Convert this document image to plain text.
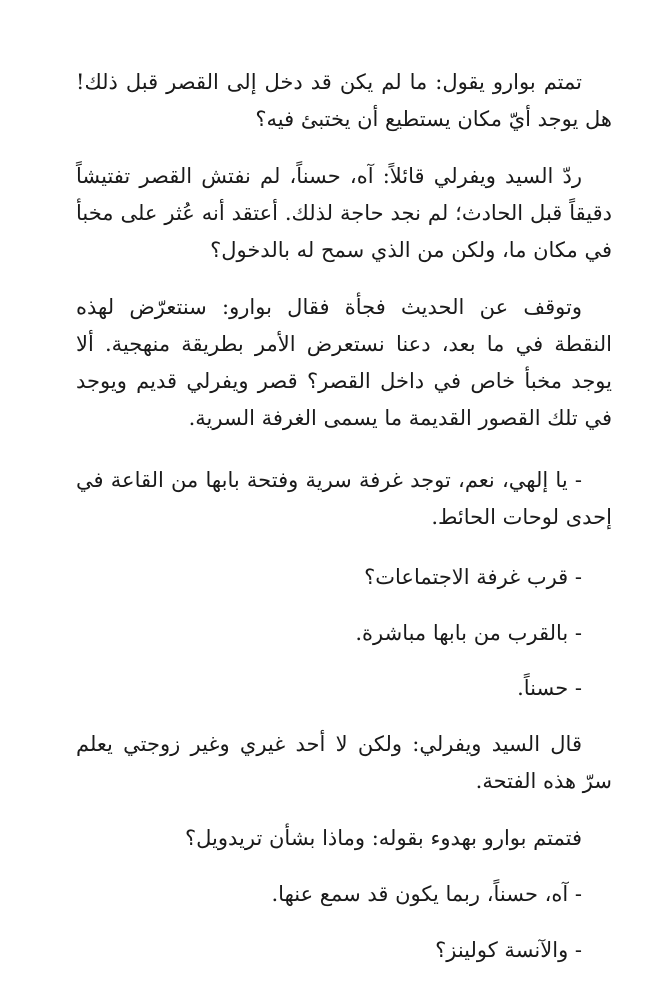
تمتم بوارو يقول: ما لم يكن قد دخل إلى القصر قبل ذلك! هل يوجد أيّ مكان يستطيع أن يختبئ فيه؟

ردّ السيد ويفرلي قائلاً: آه، حسناً، لم نفتش القصر تفتيشاً دقيقاً قبل الحادث؛ لم نجد حاجة لذلك. أعتقد أنه عُثر على مخبأ في مكان ما، ولكن من الذي سمح له بالدخول؟

وتوقف عن الحديث فجأة فقال بوارو: سنتعرّض لهذه النقطة في ما بعد، دعنا نستعرض الأمر بطريقة منهجية. ألا يوجد مخبأ خاص في داخل القصر؟ قصر ويفرلي قديم ويوجد في تلك القصور القديمة ما يسمى الغرفة السرية.

- يا إلهي، نعم، توجد غرفة سرية وفتحة بابها من القاعة في إحدى لوحات الحائط.

- قرب غرفة الاجتماعات؟

- بالقرب من بابها مباشرة.

- حسناً.

قال السيد ويفرلي: ولكن لا أحد غيري وغير زوجتي يعلم سرّ هذه الفتحة.

فتمتم بوارو بهدوء بقوله: وماذا بشأن تريدويل؟

- آه، حسناً، ربما يكون قد سمع عنها.

- والآنسة كولينز؟
